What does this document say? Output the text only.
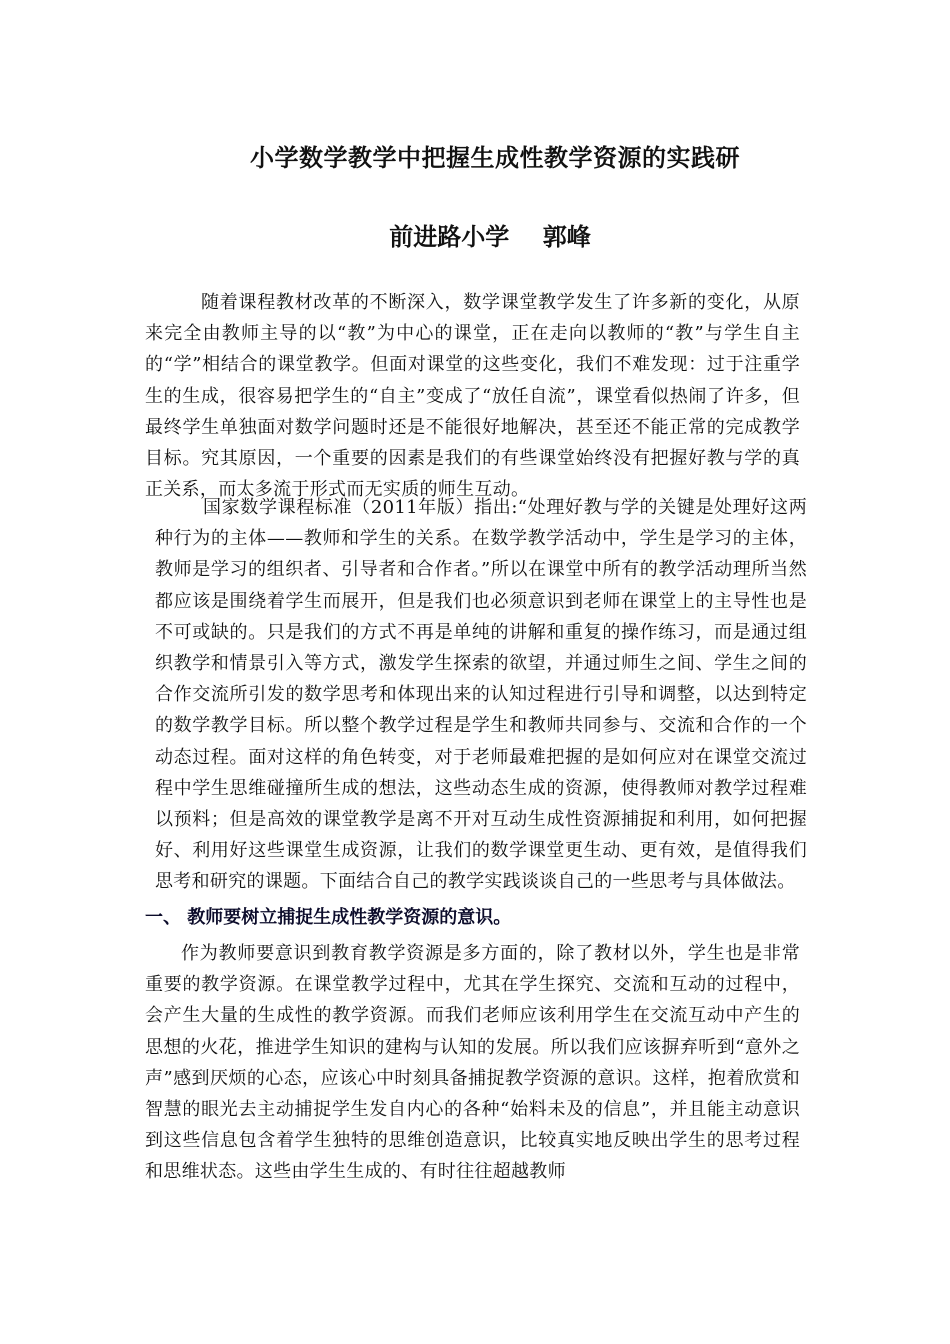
小学数学教学中把握生成性教学资源的实践研
前进路小学    郭峰

随着课程教材改革的不断深入，数学课堂教学发生了许多新的变化，从原来完全由教师主导的以“教”为中心的课堂，正在走向以教师的“教”与学生自主的“学”相结合的课堂教学。但面对课堂的这些变化，我们不难发现：过于注重学生的生成，很容易把学生的“自主”变成了“放任自流”，课堂看似热闹了许多，但最终学生单独面对数学问题时还是不能很好地解决，甚至还不能正常的完成教学目标。究其原因，一个重要的因素是我们的有些课堂始终没有把握好教与学的真正关系，而太多流于形式而无实质的师生互动。

国家数学课程标准（2011年版）指出:“处理好教与学的关键是处理好这两种行为的主体——教师和学生的关系。在数学教学活动中，学生是学习的主体，教师是学习的组织者、引导者和合作者。”所以在课堂中所有的教学活动理所当然都应该是围绕着学生而展开，但是我们也必须意识到老师在课堂上的主导性也是不可或缺的。只是我们的方式不再是单纯的讲解和重复的操作练习，而是通过组织教学和情景引入等方式，激发学生探索的欲望，并通过师生之间、学生之间的合作交流所引发的数学思考和体现出来的认知过程进行引导和调整，以达到特定的数学教学目标。所以整个教学过程是学生和教师共同参与、交流和合作的一个动态过程。面对这样的角色转变，对于老师最难把握的是如何应对在课堂交流过程中学生思维碰撞所生成的想法，这些动态生成的资源，使得教师对教学过程难以预料；但是高效的课堂教学是离不开对互动生成性资源捕捉和利用，如何把握好、利用好这些课堂生成资源，让我们的数学课堂更生动、更有效，是值得我们思考和研究的课题。下面结合自己的教学实践谈谈自己的一些思考与具体做法。

一、 教师要树立捕捉生成性教学资源的意识。

作为教师要意识到教育教学资源是多方面的，除了教材以外，学生也是非常重要的教学资源。在课堂教学过程中，尤其在学生探究、交流和互动的过程中，会产生大量的生成性的教学资源。而我们老师应该利用学生在交流互动中产生的思想的火花，推进学生知识的建构与认知的发展。所以我们应该摒弃听到“意外之声”感到厌烦的心态，应该心中时刻具备捕捉教学资源的意识。这样，抱着欣赏和智慧的眼光去主动捕捉学生发自内心的各种“始料未及的信息”，并且能主动意识到这些信息包含着学生独特的思维创造意识，比较真实地反映出学生的思考过程和思维状态。这些由学生生成的、有时往往超越教师
